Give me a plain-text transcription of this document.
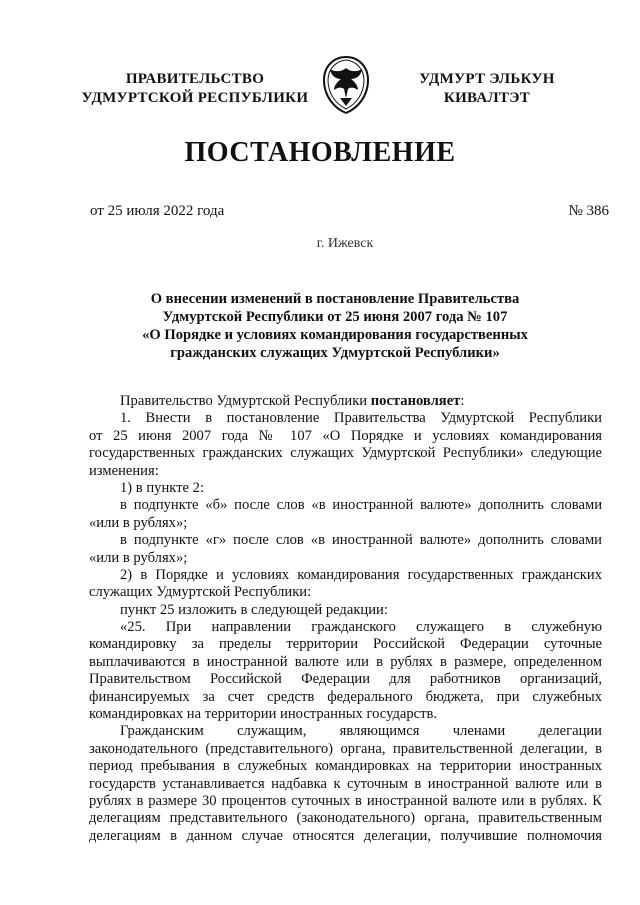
ПРАВИТЕЛЬСТВО
УДМУРТСКОЙ РЕСПУБЛИКИ
УДМУРТ ЭЛЬКУН
КИВАЛТЭТ
ПОСТАНОВЛЕНИЕ
от 25 июля 2022 года	№ 386
г. Ижевск
О внесении изменений в постановление Правительства
Удмуртской Республики от 25 июня 2007 года № 107
«О Порядке и условиях командирования государственных
гражданских служащих Удмуртской Республики»
Правительство Удмуртской Республики постановляет:
1. Внести в постановление Правительства Удмуртской Республики
от 25 июня 2007 года № 107 «О Порядке и условиях командирования
государственных гражданских служащих Удмуртской Республики» следующие
изменения:
1) в пункте 2:
в подпункте «б» после слов «в иностранной валюте» дополнить словами
«или в рублях»;
в подпункте «г» после слов «в иностранной валюте» дополнить словами
«или в рублях»;
2) в Порядке и условиях командирования государственных гражданских
служащих Удмуртской Республики:
пункт 25 изложить в следующей редакции:
«25. При направлении гражданского служащего в служебную
командировку за пределы территории Российской Федерации суточные
выплачиваются в иностранной валюте или в рублях в размере, определенном
Правительством Российской Федерации для работников организаций,
финансируемых за счет средств федерального бюджета, при служебных
командировках на территории иностранных государств.
Гражданским служащим, являющимся членами делегации
законодательного (представительного) органа, правительственной делегации, в
период пребывания в служебных командировках на территории иностранных
государств устанавливается надбавка к суточным в иностранной валюте или в
рублях в размере 30 процентов суточных в иностранной валюте или в рублях. К
делегациям представительного (законодательного) органа, правительственным
делегациям в данном случае относятся делегации, получившие полномочия
